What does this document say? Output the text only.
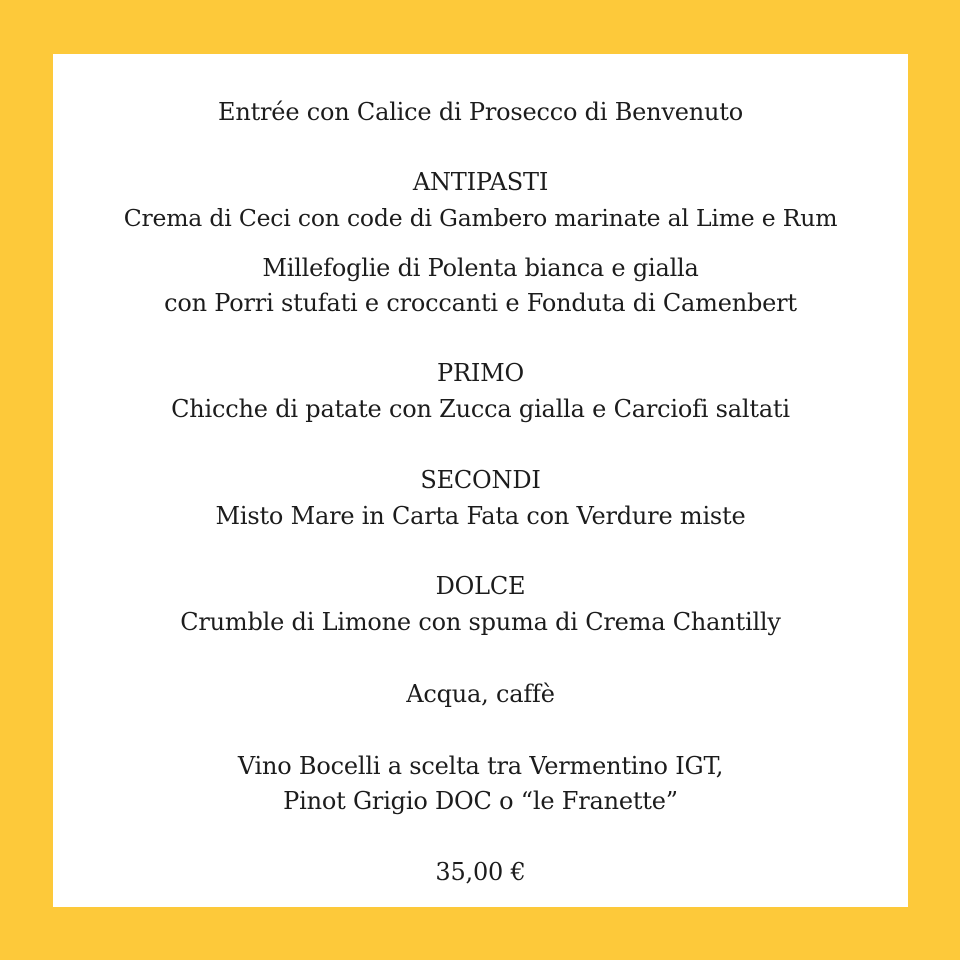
Entrée con Calice di Prosecco di Benvenuto
ANTIPASTI
Crema di Ceci con code di Gambero marinate al Lime e Rum
Millefoglie di Polenta bianca e gialla
con Porri stufati e croccanti e Fonduta di Camenbert
PRIMO
Chicche di patate con Zucca gialla e Carciofi saltati
SECONDI
Misto Mare in Carta Fata con Verdure miste
DOLCE
Crumble di Limone con spuma di Crema Chantilly
Acqua, caffè
Vino Bocelli a scelta tra Vermentino IGT,
Pinot Grigio DOC o “le Franette”
35,00 €
